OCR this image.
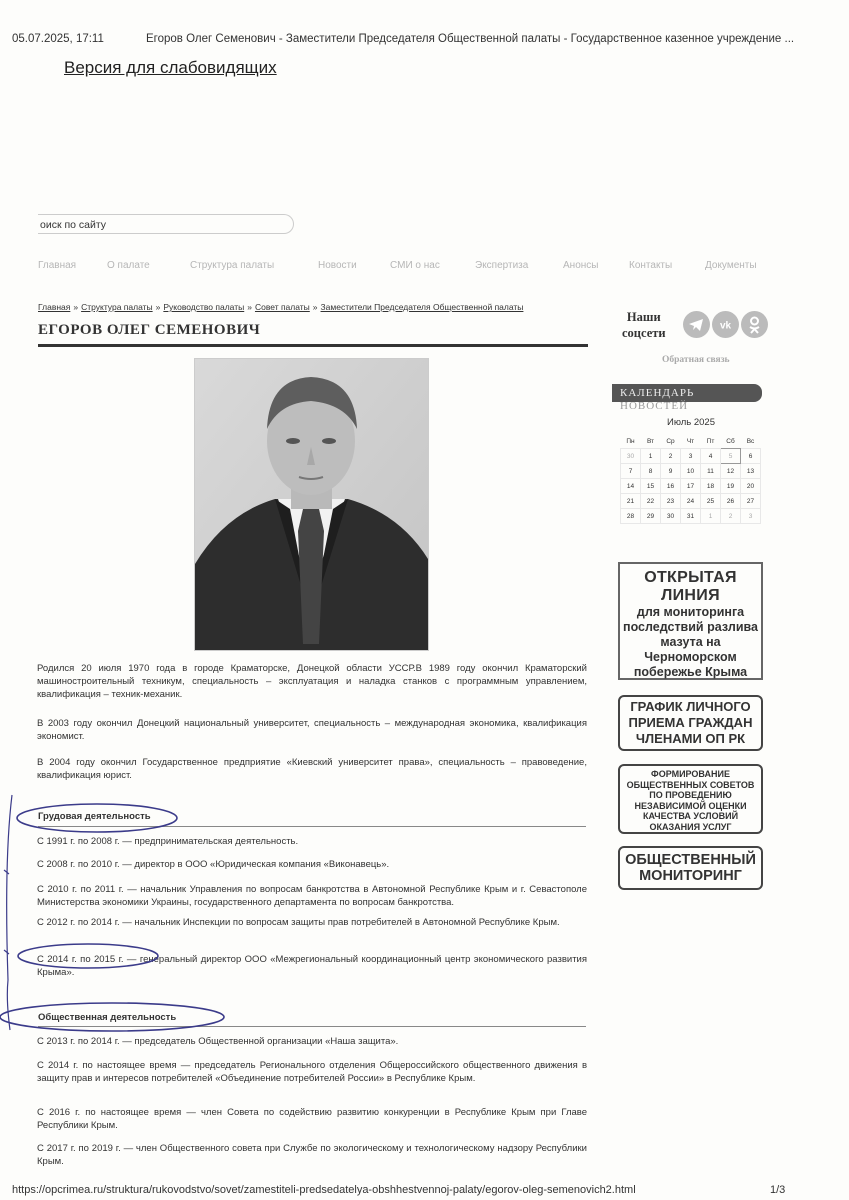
05.07.2025, 17:11	Егоров Олег Семенович - Заместители Председателя Общественной палаты - Государственное казенное учреждение ...
Версия для слабовидящих
оиск по сайту
Главная	О палате	Структура палаты	Новости	СМИ о нас	Экспертиза	Анонсы	Контакты	Документы
Главная » Структура палаты » Руководство палаты » Совет палаты » Заместители Председателя Общественной палаты
ЕГОРОВ ОЛЕГ СЕМЕНОВИЧ

Родился 20 июля 1970 года в городе Краматорске, Донецкой области УССР.В 1989 году окончил Краматорский машиностроительный техникум, специальность – эксплуатация и наладка станков с программным управлением, квалификация – техник-механик.

В 2003 году окончил Донецкий национальный университет, специальность – международная экономика, квалификация экономист.

В 2004 году окончил Государственное предприятие «Киевский университет права», специальность – правоведение, квалификация юрист.

Грудовая деятельность

С 1991 г. по 2008 г. — предпринимательская деятельность.

С 2008 г. по 2010 г. — директор в ООО «Юридическая компания «Виконавець».

С 2010 г. по 2011 г. — начальник Управления по вопросам банкротства в Автономной Республике Крым и г. Севастополе Министерства экономики Украины, государственного департамента по вопросам банкротства.

С 2012 г. по 2014 г. — начальник Инспекции по вопросам защиты прав потребителей в Автономной Республике Крым.

С 2014 г. по 2015 г. — генеральный директор ООО «Межрегиональный координационный центр экономического развития Крыма».

Общественная деятельность

С 2013 г. по 2014 г. — председатель Общественной организации «Наша защита».

С 2014 г. по настоящее время — председатель Регионального отделения Общероссийского общественного движения в защиту прав и интересов потребителей «Объединение потребителей России» в Республике Крым.

С 2016 г. по настоящее время — член Совета по содействию развитию конкуренции в Республике Крым при Главе Республики Крым.

С 2017 г. по 2019 г. — член Общественного совета при Службе по экологическому и технологическому надзору Республики Крым.

Наши
соцсети	vk
Обратная связь
КАЛЕНДАРЬ
НОВОСТЕЙ
Июль 2025
Пн	Вт	Ср	Чт	Пт	Сб	Вс
30	1	2	3	4	5	6
7	8	9	10	11	12	13
14	15	16	17	18	19	20
21	22	23	24	25	26	27
28	29	30	31	1	2	3
ОТКРЫТАЯ ЛИНИЯ
для мониторинга последствий разлива мазута на Черноморском побережье Крыма
ГРАФИК ЛИЧНОГО ПРИЕМА ГРАЖДАН ЧЛЕНАМИ ОП РК
ФОРМИРОВАНИЕ ОБЩЕСТВЕННЫХ СОВЕТОВ ПО ПРОВЕДЕНИЮ НЕЗАВИСИМОЙ ОЦЕНКИ КАЧЕСТВА УСЛОВИЙ ОКАЗАНИЯ УСЛУГ
ОБЩЕСТВЕННЫЙ МОНИТОРИНГ
https://opcrimea.ru/struktura/rukovodstvo/sovet/zamestiteli-predsedatelya-obshhestvennoj-palaty/egorov-oleg-semenovich2.html	1/3
